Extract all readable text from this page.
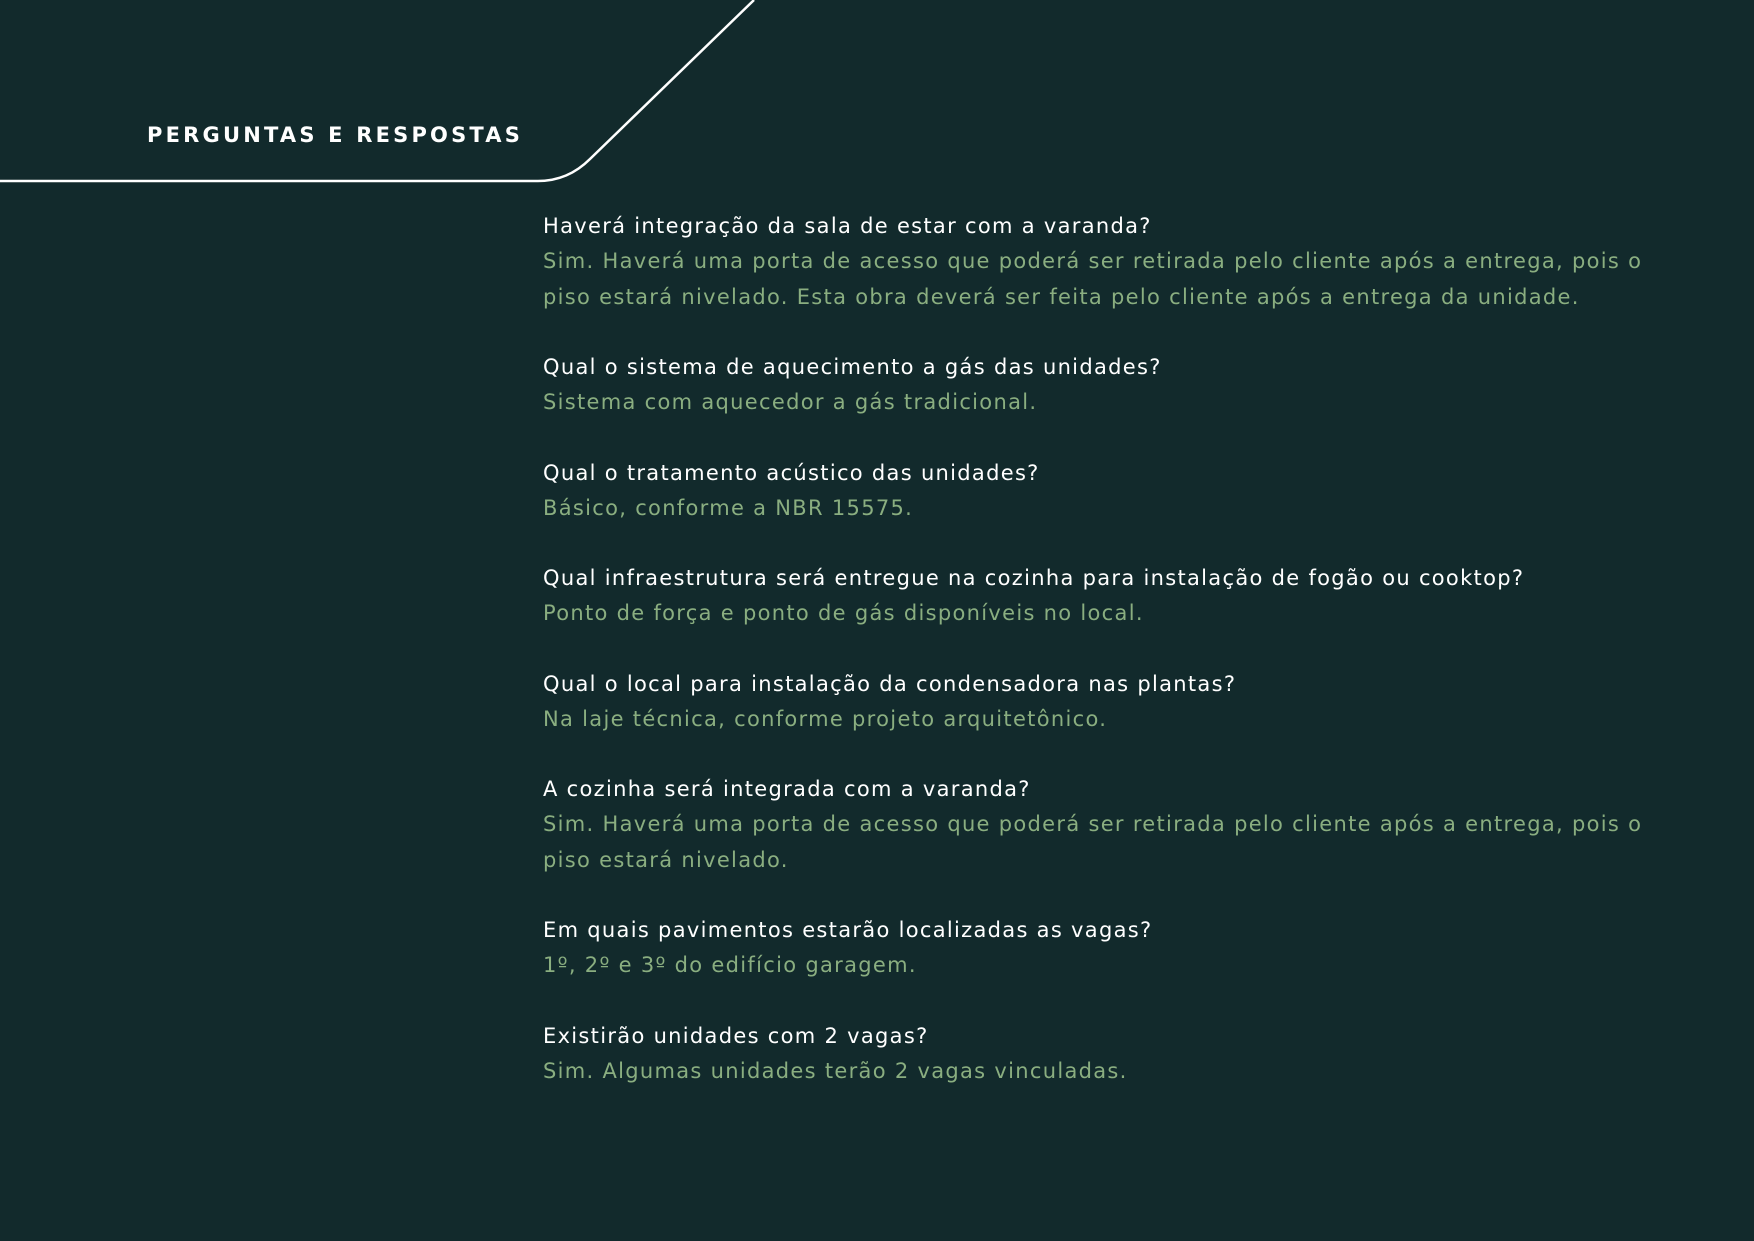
PERGUNTAS E RESPOSTAS

Haverá integração da sala de estar com a varanda?

Sim. Haverá uma porta de acesso que poderá ser retirada pelo cliente após a entrega, pois o piso estará nivelado. Esta obra deverá ser feita pelo cliente após a entrega da unidade.

Qual o sistema de aquecimento a gás das unidades?

Sistema com aquecedor a gás tradicional.

Qual o tratamento acústico das unidades?

Básico, conforme a NBR 15575.

Qual infraestrutura será entregue na cozinha para instalação de fogão ou cooktop?

Ponto de força e ponto de gás disponíveis no local.

Qual o local para instalação da condensadora nas plantas?

Na laje técnica, conforme projeto arquitetônico.

A cozinha será integrada com a varanda?

Sim. Haverá uma porta de acesso que poderá ser retirada pelo cliente após a entrega, pois o piso estará nivelado.

Em quais pavimentos estarão localizadas as vagas?

1º, 2º e 3º do edifício garagem.

Existirão unidades com 2 vagas?

Sim. Algumas unidades terão 2 vagas vinculadas.
